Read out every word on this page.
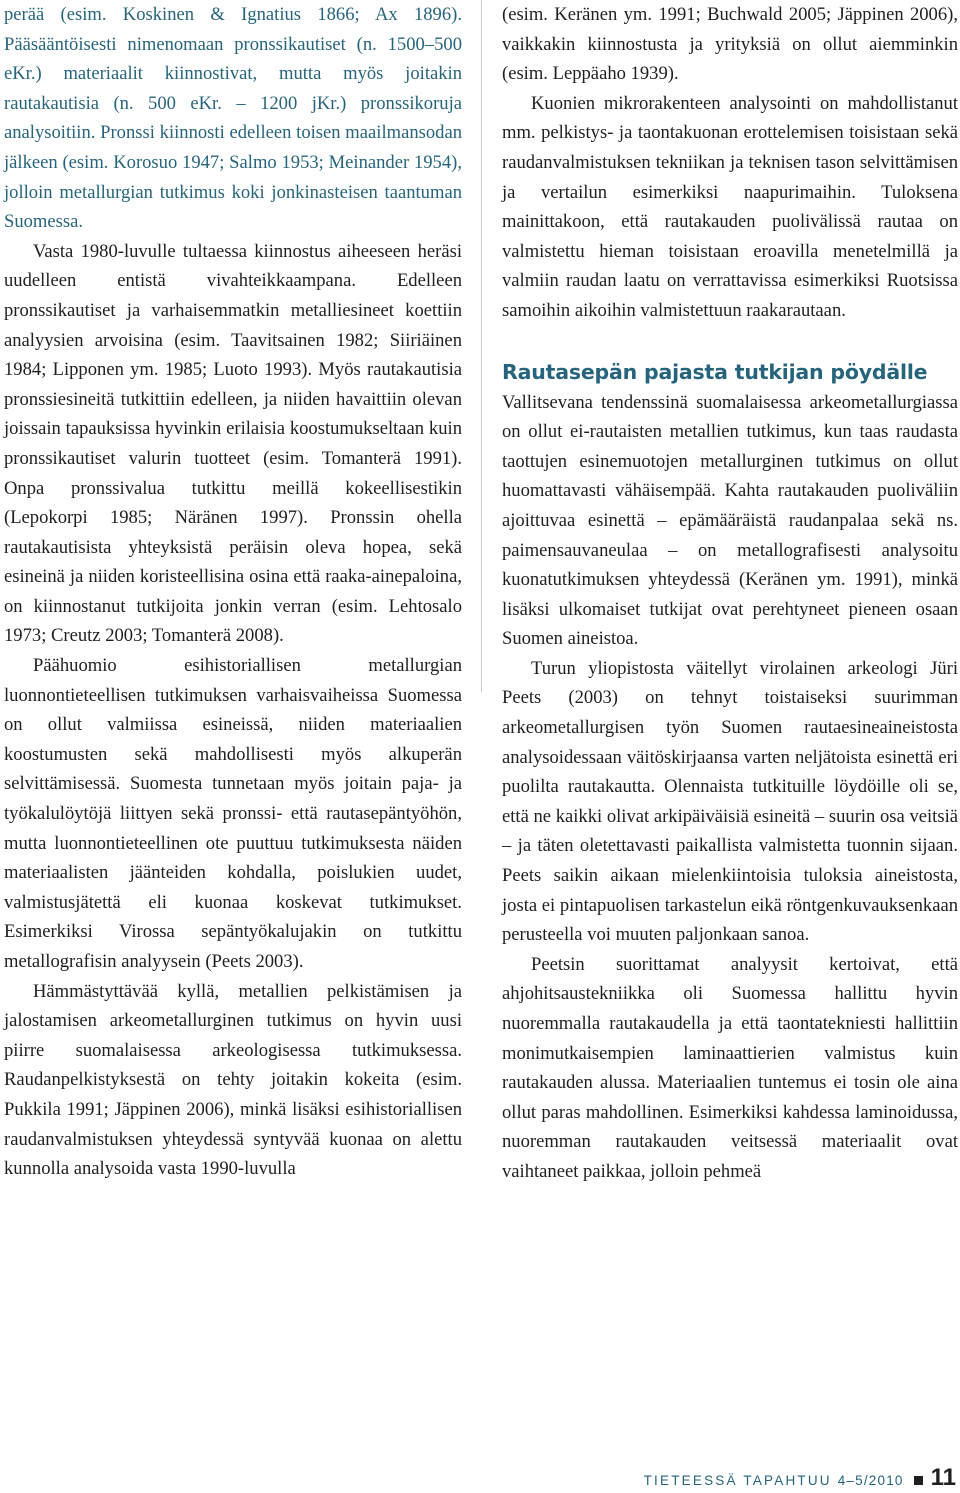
perää (esim. Koskinen & Ignatius 1866; Ax 1896). Pääsääntöisesti nimenomaan pronssikautiset (n. 1500–500 eKr.) materiaalit kiinnostivat, mutta myös joitakin rautakautisia (n. 500 eKr. – 1200 jKr.) pronssikoruja analysoitiin. Pronssi kiinnosti edelleen toisen maailmansodan jälkeen (esim. Korosuo 1947; Salmo 1953; Meinander 1954), jolloin metallurgian tutkimus koki jonkinasteisen taantuman Suomessa.

Vasta 1980-luvulle tultaessa kiinnostus aiheeseen heräsi uudelleen entistä vivahteikkaampana. Edelleen pronssikautiset ja varhaisemmatkin metalliesineet koettiin analyysien arvoisina (esim. Taavitsainen 1982; Siiriäinen 1984; Lipponen ym. 1985; Luoto 1993). Myös rautakautisia pronssiesineitä tutkittiin edelleen, ja niiden havaittiin olevan joissain tapauksissa hyvinkin erilaisia koostumukseltaan kuin pronssikautiset valurin tuotteet (esim. Tomanterä 1991). Onpa pronssivalua tutkittu meillä kokeellisestikin (Lepokorpi 1985; Näränen 1997). Pronssin ohella rautakautisista yhteyksistä peräisin oleva hopea, sekä esineinä ja niiden koristeellisina osina että raaka-ainepaloina, on kiinnostanut tutkijoita jonkin verran (esim. Lehtosalo 1973; Creutz 2003; Tomanterä 2008).

Päähuomio esihistoriallisen metallurgian luonnontieteellisen tutkimuksen varhaisvaiheissa Suomessa on ollut valmiissa esineissä, niiden materiaalien koostumusten sekä mahdollisesti myös alkuperän selvittämisessä. Suomesta tunnetaan myös joitain paja- ja työkalulöytöjä liittyen sekä pronssi- että rautasepäntyöhön, mutta luonnontieteellinen ote puuttuu tutkimuksesta näiden materiaalisten jäänteiden kohdalla, poislukien uudet, valmistusjätettä eli kuonaa koskevat tutkimukset. Esimerkiksi Virossa sepäntyökalujakin on tutkittu metallografisin analyysein (Peets 2003).

Hämmästyttävää kyllä, metallien pelkistämisen ja jalostamisen arkeometallurginen tutkimus on hyvin uusi piirre suomalaisessa arkeologisessa tutkimuksessa. Raudanpelkistyksestä on tehty joitakin kokeita (esim. Pukkila 1991; Jäppinen 2006), minkä lisäksi esihistoriallisen raudanvalmistuksen yhteydessä syntyvää kuonaa on alettu kunnolla analysoida vasta 1990-luvulla

(esim. Keränen ym. 1991; Buchwald 2005; Jäppinen 2006), vaikkakin kiinnostusta ja yrityksiä on ollut aiemminkin (esim. Leppäaho 1939).

Kuonien mikrorakenteen analysointi on mahdollistanut mm. pelkistys- ja taontakuonan erottelemisen toisistaan sekä raudanvalmistuksen tekniikan ja teknisen tason selvittämisen ja vertailun esimerkiksi naapurimaihin. Tuloksena mainittakoon, että rautakauden puolivälissä rautaa on valmistettu hieman toisistaan eroavilla menetelmillä ja valmiin raudan laatu on verrattavissa esimerkiksi Ruotsissa samoihin aikoihin valmistettuun raakarautaan.

Rautasepän pajasta tutkijan pöydälle

Vallitsevana tendenssinä suomalaisessa arkeometallurgiassa on ollut ei-rautaisten metallien tutkimus, kun taas raudasta taottujen esinemuotojen metallurginen tutkimus on ollut huomattavasti vähäisempää. Kahta rautakauden puoliväliin ajoittuvaa esinettä – epämääräistä raudanpalaa sekä ns. paimensauvaneulaa – on metallografisesti analysoitu kuonatutkimuksen yhteydessä (Keränen ym. 1991), minkä lisäksi ulkomaiset tutkijat ovat perehtyneet pieneen osaan Suomen aineistoa.

Turun yliopistosta väitellyt virolainen arkeologi Jüri Peets (2003) on tehnyt toistaiseksi suurimman arkeometallurgisen työn Suomen rautaesineaineistosta analysoidessaan väitöskirjaansa varten neljätoista esinettä eri puolilta rautakautta. Olennaista tutkituille löydöille oli se, että ne kaikki olivat arkipäiväisiä esineitä – suurin osa veitsiä – ja täten oletettavasti paikallista valmistetta tuonnin sijaan. Peets saikin aikaan mielenkiintoisia tuloksia aineistosta, josta ei pintapuolisen tarkastelun eikä röntgenkuvauksenkaan perusteella voi muuten paljonkaan sanoa.

Peetsin suorittamat analyysit kertoivat, että ahjohitsaustekniikka oli Suomessa hallittu hyvin nuoremmalla rautakaudella ja että taontatekniesti hallittiin monimutkaisempien laminaattierien valmistus kuin rautakauden alussa. Materiaalien tuntemus ei tosin ole aina ollut paras mahdollinen. Esimerkiksi kahdessa laminoidussa, nuoremman rautakauden veitsessä materiaalit ovat vaihtaneet paikkaa, jolloin pehmeä

TIETEESSÄ TAPAHTUU 4–5/2010 11
